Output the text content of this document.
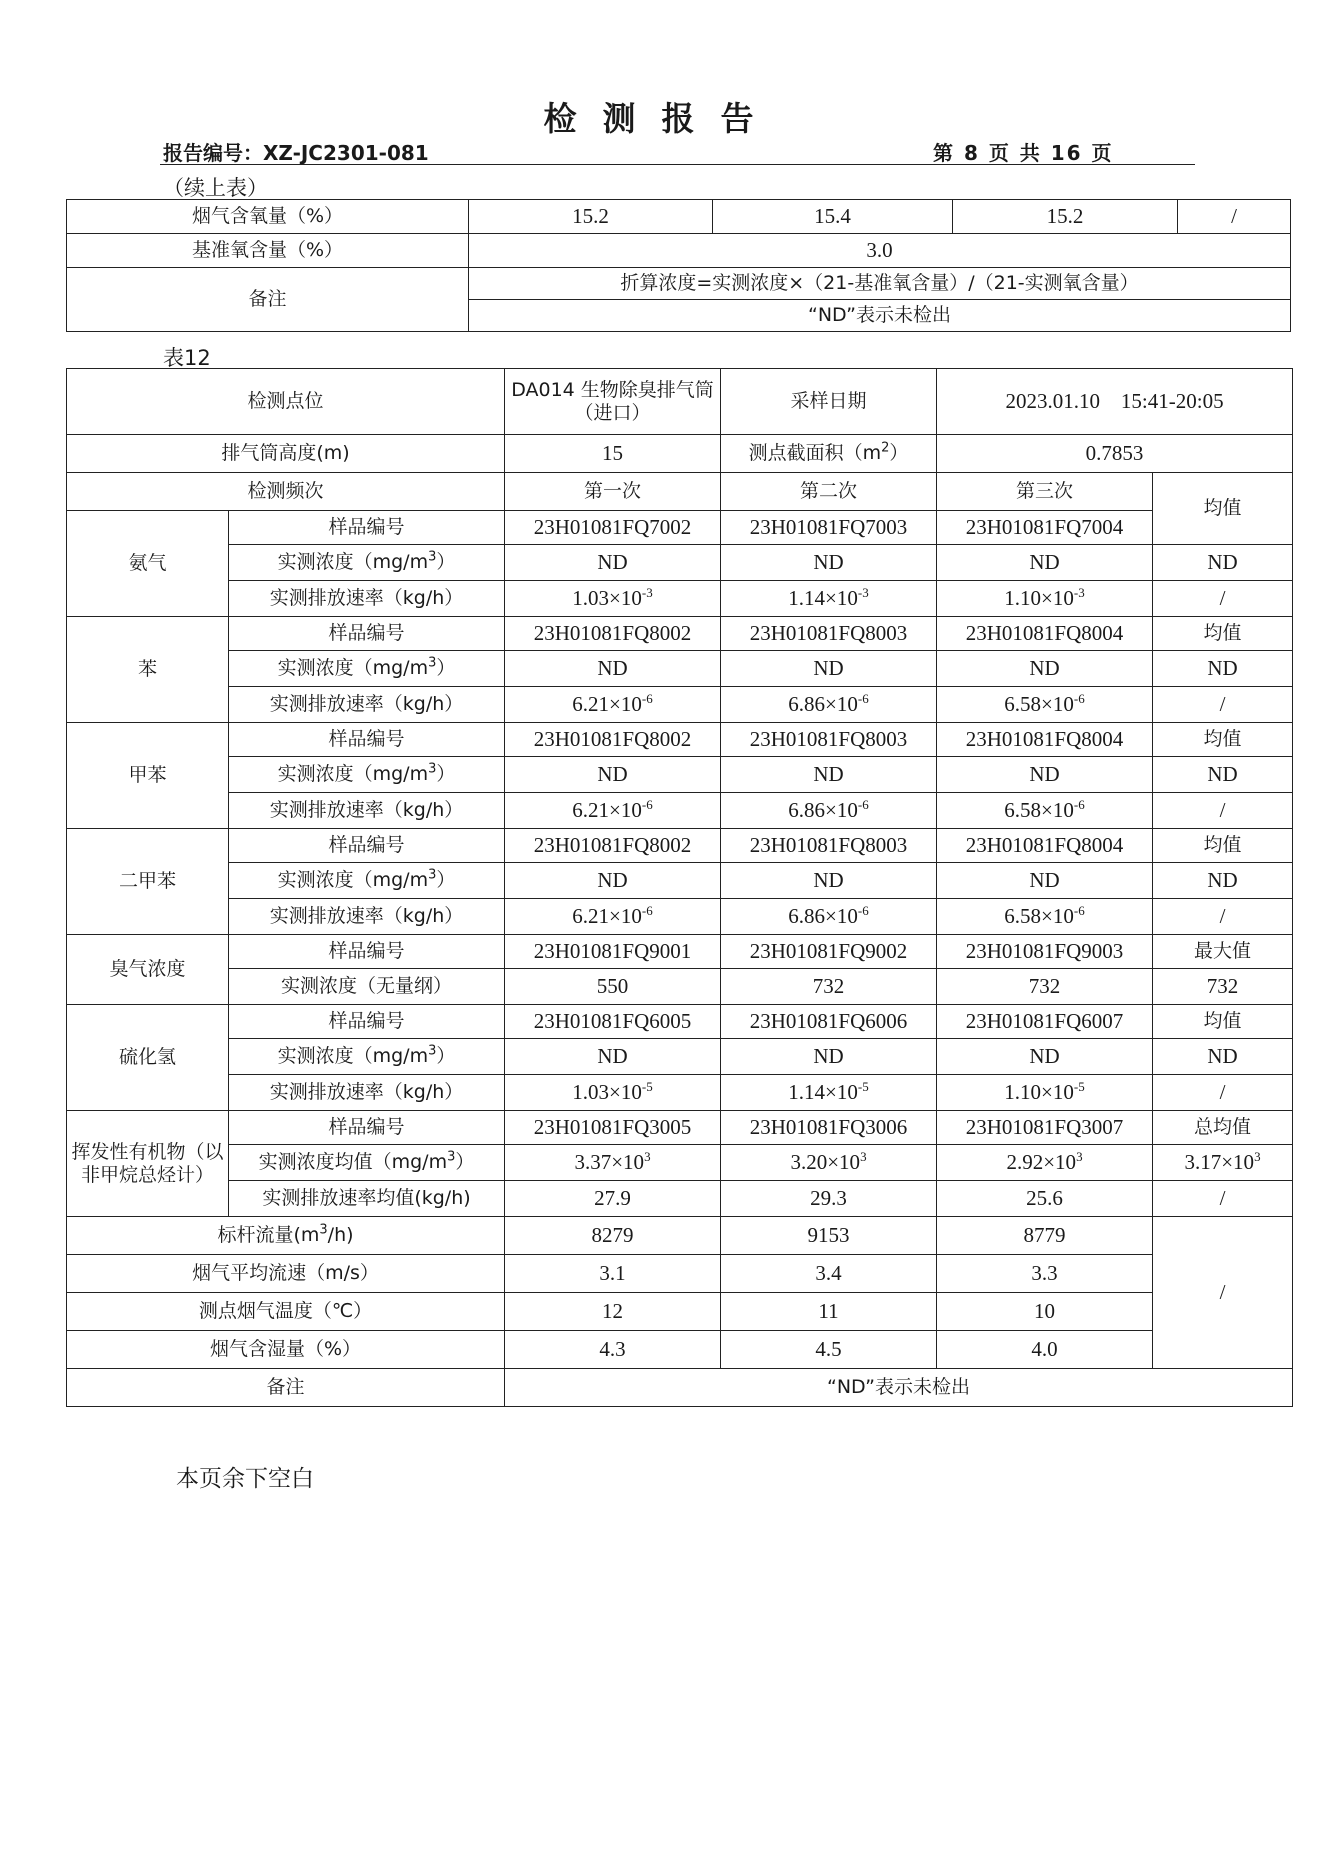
检测报告
报告编号：XZ-JC2301-081	第 8 页 共 16 页
（续上表）
烟气含氧量（%）	15.2	15.4	15.2	/
基准氧含量（%）	3.0			
备注	折算浓度=实测浓度×（21-基准氧含量）/（21-实测氧含量）			
	“ND”表示未检出			
表12
检测点位		DA014 生物除臭排气筒（进口）	采样日期	2023.01.10　15:41-20:05	
排气筒高度(m)		15	测点截面积$(m^2)$	0.7853	
检测频次		第一次	第二次	第三次	均值
氨气	样品编号	23H01081FQ7002	23H01081FQ7003	23H01081FQ7004	
	实测浓度$(mg/m^3)$	ND	ND	ND	ND
	实测排放速率（kg/h）	$1.03\times 10^{-3}$	$1.14\times 10^{-3}$	$1.10\times 10^{-3}$	/
苯	样品编号	23H01081FQ8002	23H01081FQ8003	23H01081FQ8004	均值
	实测浓度$(mg/m^3)$	ND	ND	ND	ND
	实测排放速率（kg/h）	$6.21\times 10^{-6}$	$6.86\times 10^{-6}$	$6.58\times 10^{-6}$	/
甲苯	样品编号	23H01081FQ8002	23H01081FQ8003	23H01081FQ8004	均值
	实测浓度$(mg/m^3)$	ND	ND	ND	ND
	实测排放速率（kg/h）	$6.21\times 10^{-6}$	$6.86\times 10^{-6}$	$6.58\times 10^{-6}$	/
二甲苯	样品编号	23H01081FQ8002	23H01081FQ8003	23H01081FQ8004	均值
	实测浓度$(mg/m^3)$	ND	ND	ND	ND
	实测排放速率（kg/h）	$6.21\times 10^{-6}$	$6.86\times 10^{-6}$	$6.58\times 10^{-6}$	/
臭气浓度	样品编号	23H01081FQ9001	23H01081FQ9002	23H01081FQ9003	最大值
	实测浓度（无量纲）	550	732	732	732
硫化氢	样品编号	23H01081FQ6005	23H01081FQ6006	23H01081FQ6007	均值
	实测浓度$(mg/m^3)$	ND	ND	ND	ND
	实测排放速率（kg/h）	$1.03\times 10^{-5}$	$1.14\times 10^{-5}$	$1.10\times 10^{-5}$	/
挥发性有机物（以非甲烷总烃计）	样品编号	23H01081FQ3005	23H01081FQ3006	23H01081FQ3007	总均值
	实测浓度均值$(mg/m^3)$	$3.37\times 10^3$	$3.20\times 10^3$	$2.92\times 10^3$	$3.17\times 10^3$
	实测排放速率均值(kg/h)	27.9	29.3	25.6	/
标杆流量$(m^3/h)$		8279	9153	8779	/
烟气平均流速（m/s）		3.1	3.4	3.3	
测点烟气温度（℃）		12	11	10	
烟气含湿量（%）		4.3	4.5	4.0	
备注		“ND”表示未检出			
本页余下空白
